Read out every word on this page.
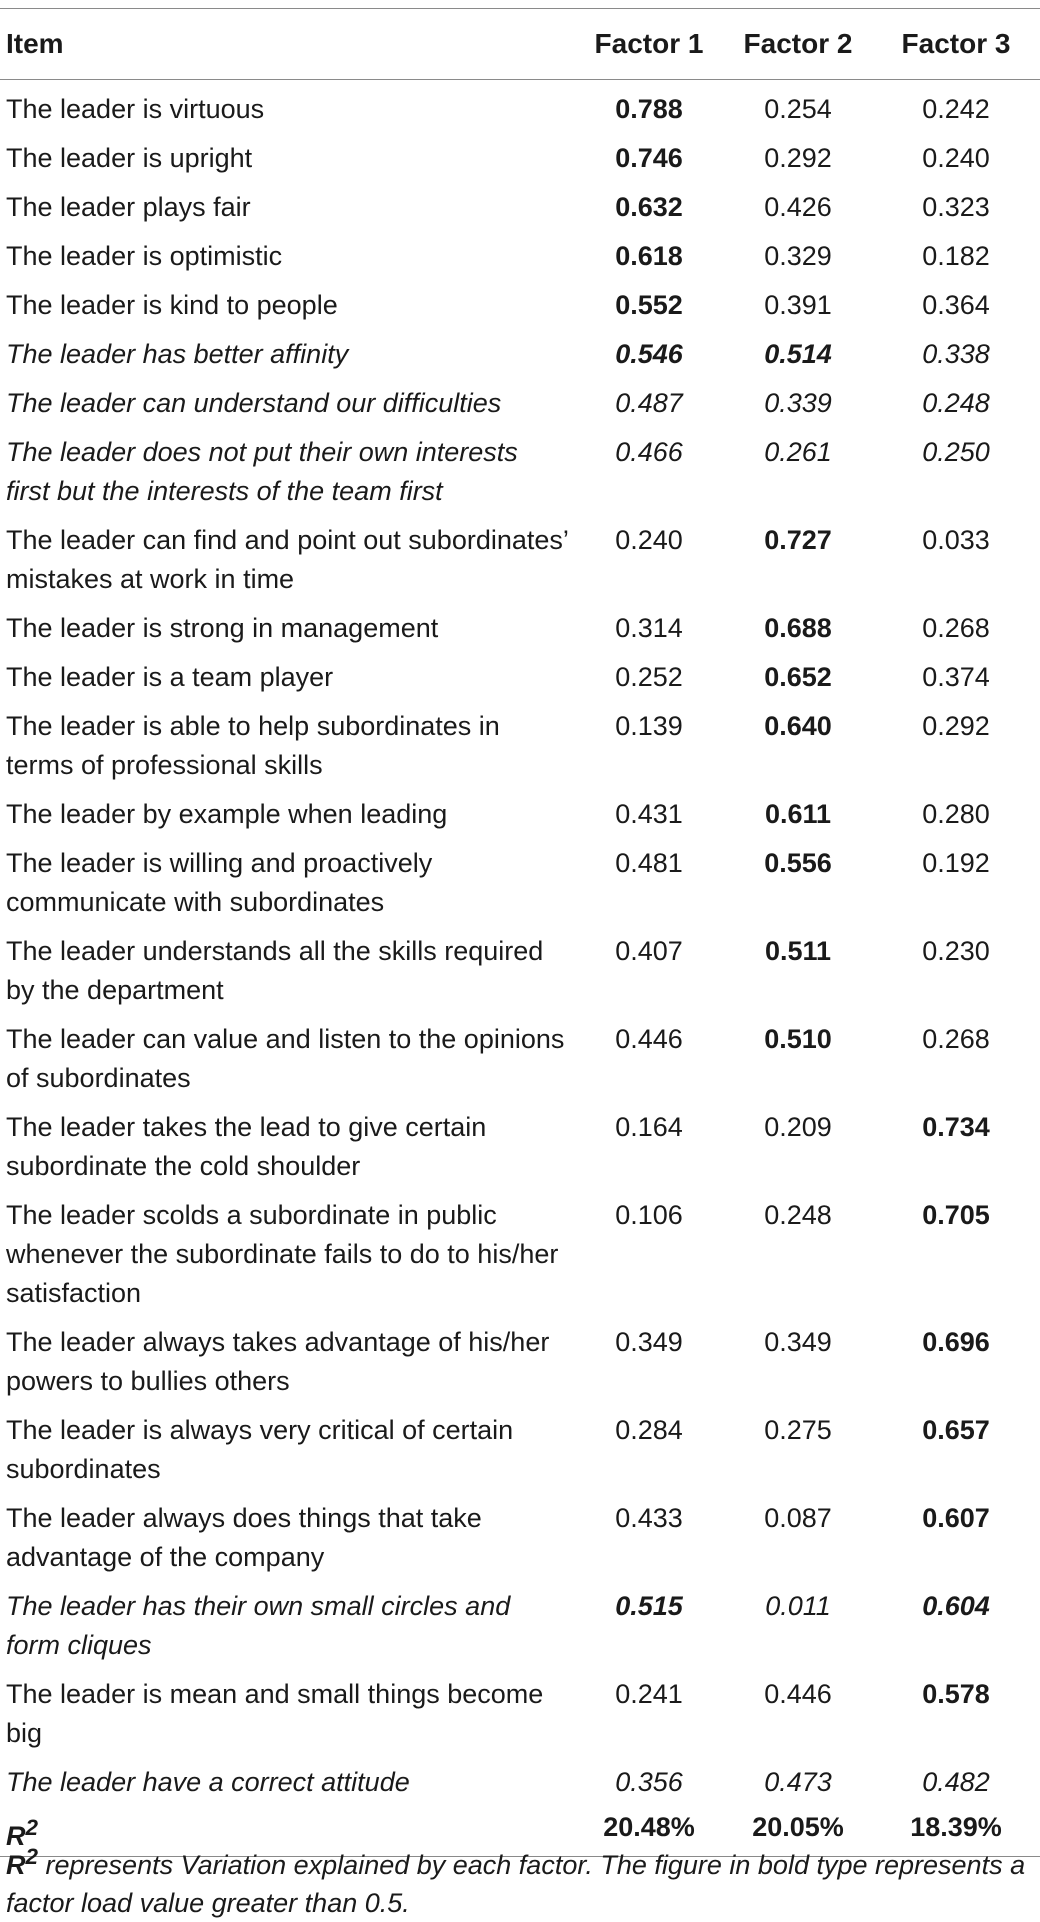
Item	Factor 1	Factor 2	Factor 3
The leader is virtuous	0.788	0.254	0.242
The leader is upright	0.746	0.292	0.240
The leader plays fair	0.632	0.426	0.323
The leader is optimistic	0.618	0.329	0.182
The leader is kind to people	0.552	0.391	0.364
The leader has better affinity	0.546	0.514	0.338
The leader can understand our difficulties	0.487	0.339	0.248
The leader does not put their own interests first but the interests of the team first	0.466	0.261	0.250
The leader can find and point out subordinates’ mistakes at work in time	0.240	0.727	0.033
The leader is strong in management	0.314	0.688	0.268
The leader is a team player	0.252	0.652	0.374
The leader is able to help subordinates in terms of professional skills	0.139	0.640	0.292
The leader by example when leading	0.431	0.611	0.280
The leader is willing and proactively communicate with subordinates	0.481	0.556	0.192
The leader understands all the skills required by the department	0.407	0.511	0.230
The leader can value and listen to the opinions of subordinates	0.446	0.510	0.268
The leader takes the lead to give certain subordinate the cold shoulder	0.164	0.209	0.734
The leader scolds a subordinate in public whenever the subordinate fails to do to his/her satisfaction	0.106	0.248	0.705
The leader always takes advantage of his/her powers to bullies others	0.349	0.349	0.696
The leader is always very critical of certain subordinates	0.284	0.275	0.657
The leader always does things that take advantage of the company	0.433	0.087	0.607
The leader has their own small circles and form cliques	0.515	0.011	0.604
The leader is mean and small things become big	0.241	0.446	0.578
The leader have a correct attitude	0.356	0.473	0.482
$R^2$	20.48%	20.05%	18.39%
$R^2$ represents Variation explained by each factor. The figure in bold type represents a factor load value greater than 0.5.
